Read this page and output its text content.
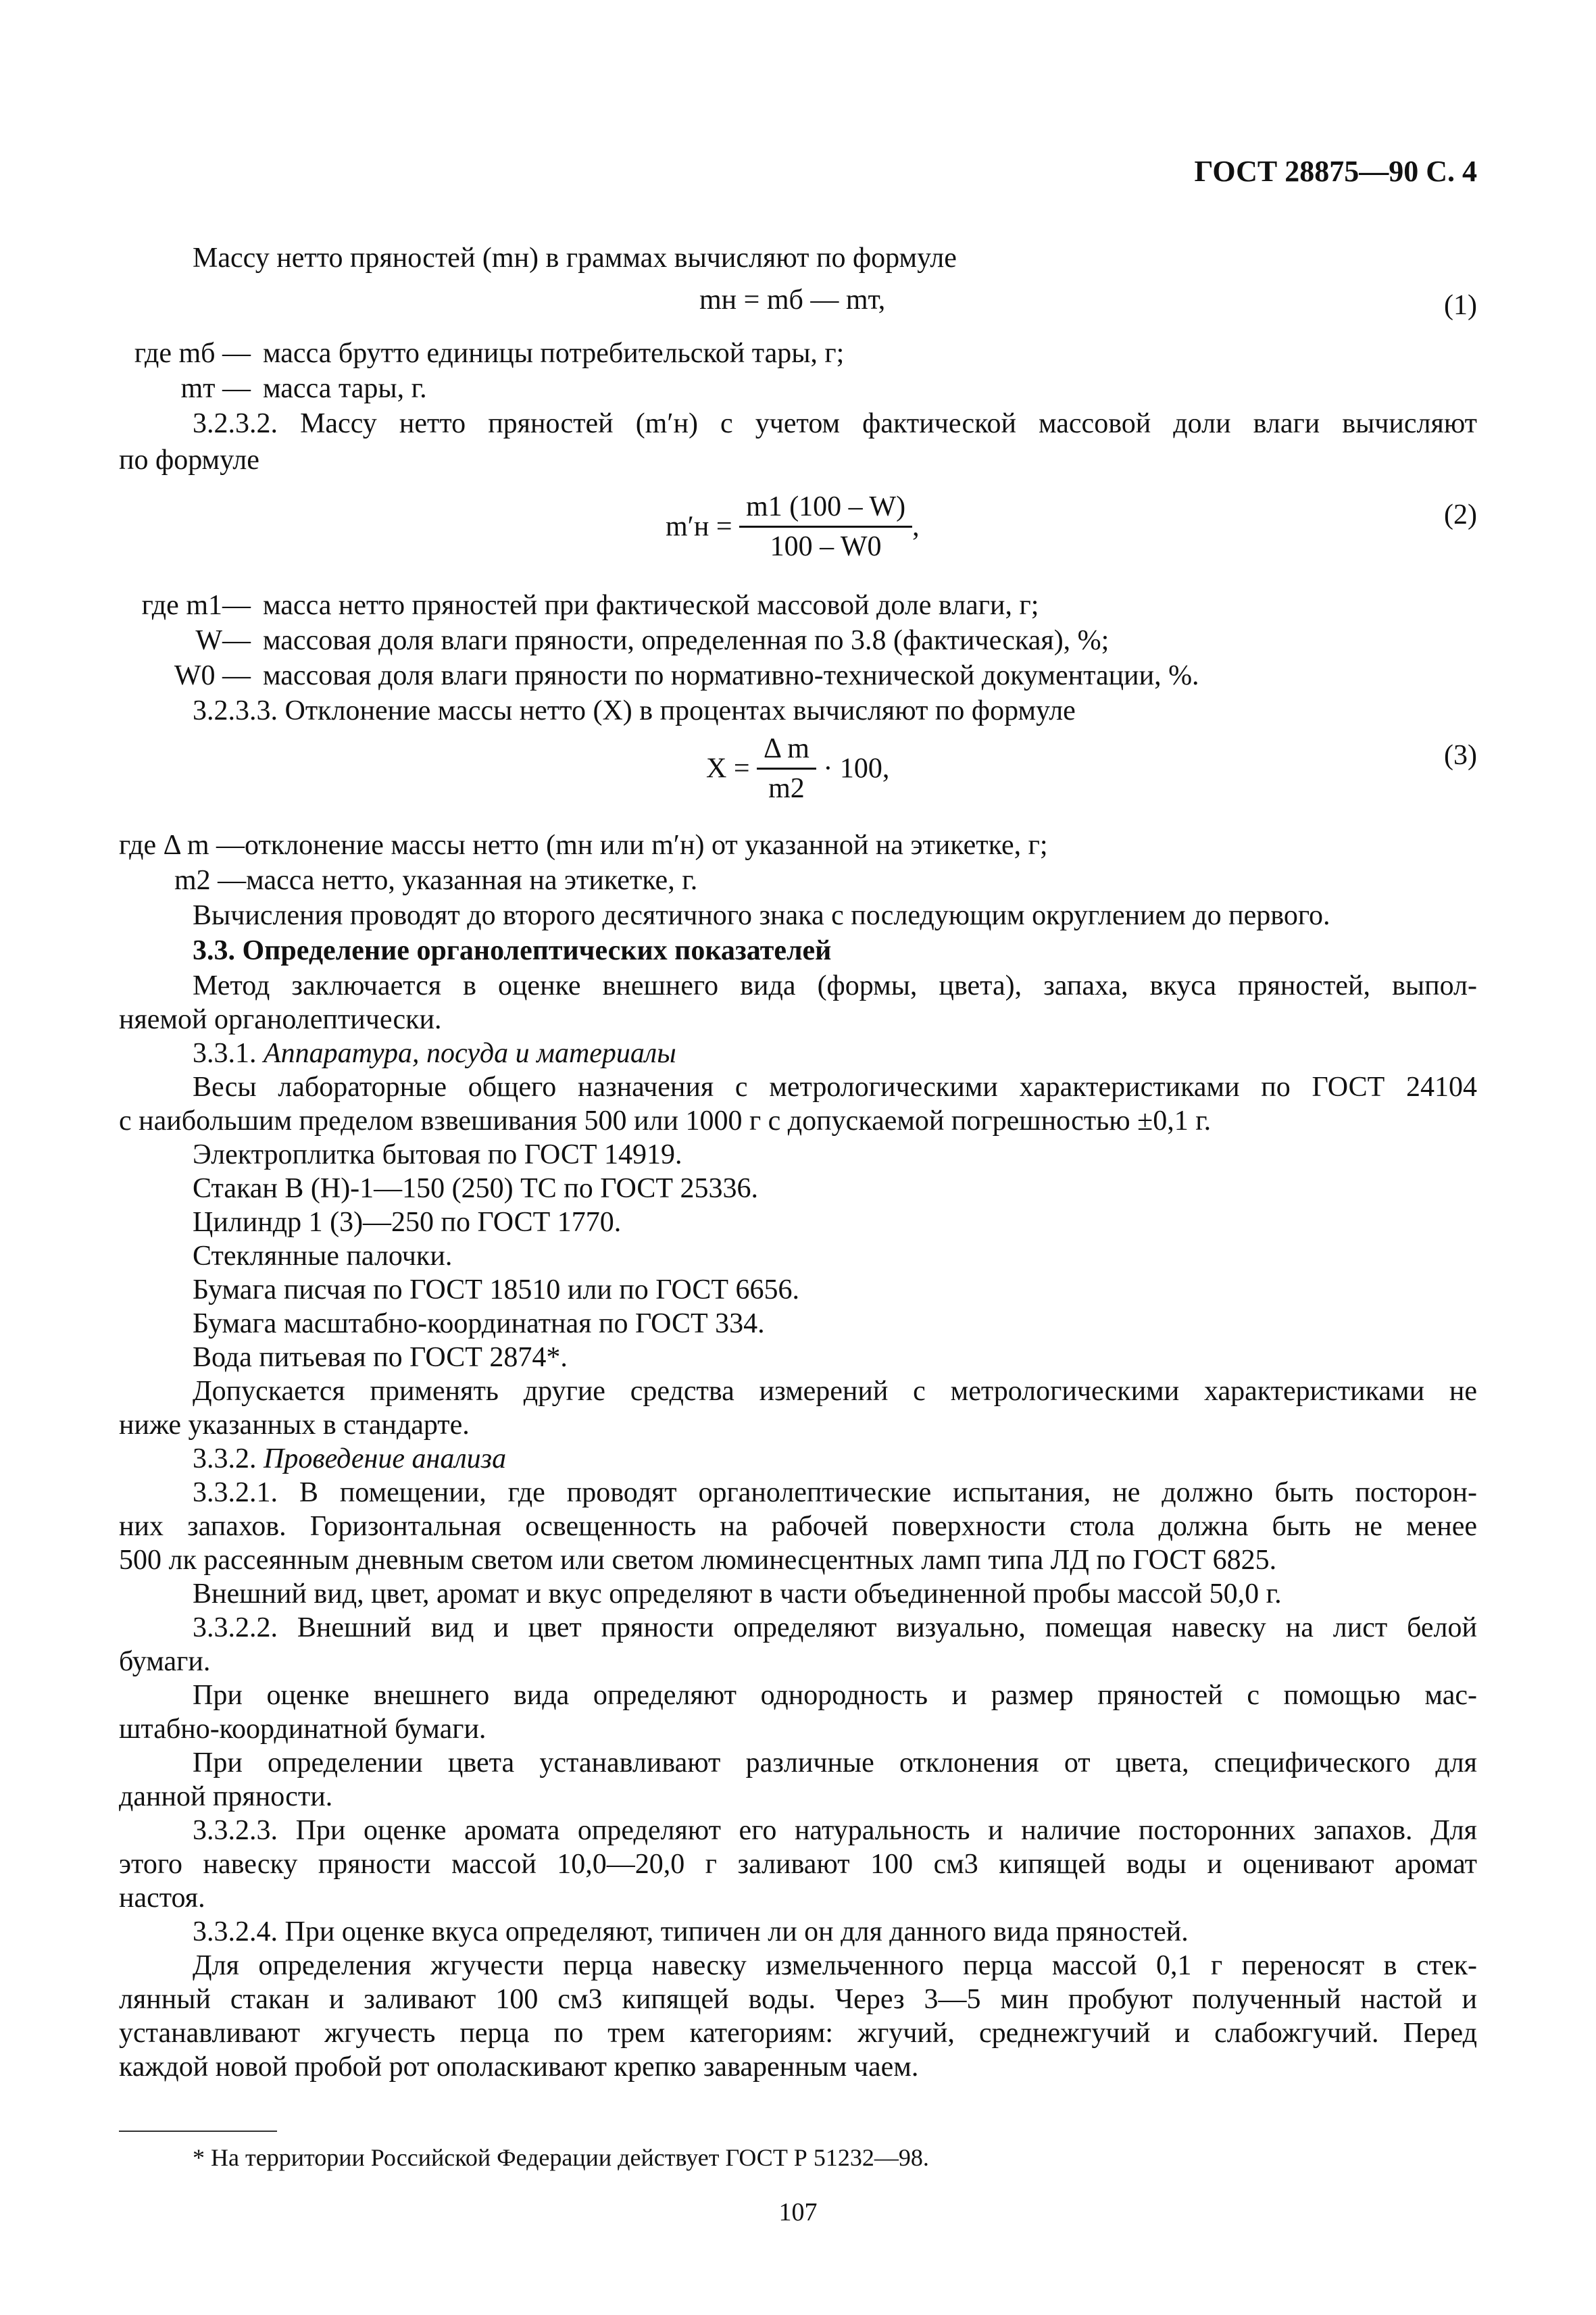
ГОСТ 28875—90 С. 4
Массу нетто пряностей (mн) в граммах вычисляют по формуле
mн = mб — mт,	(1)
где mб — масса брутто единицы потребительской тары, г;
mт — масса тары, г.
3.2.3.2. Массу нетто пряностей (m′н) с учетом фактической массовой доли влаги вычисляют
по формуле
$m'н = \frac{m1 (100 - W)}{100 - W0}$ ,	(2)
где m1— масса нетто пряностей при фактической массовой доле влаги, г;
W— массовая доля влаги пряности, определенная по 3.8 (фактическая), %;
W0 — массовая доля влаги пряности по нормативно-технической документации, %.
3.2.3.3. Отклонение массы нетто (X) в процентах вычисляют по формуле
$X = \frac{\text{Δ m}}{m2} \cdot 100$,	(3)
где Δ m —отклонение массы нетто (mн или m′н) от указанной на этикетке, г;
m2 —масса нетто, указанная на этикетке, г.
Вычисления проводят до второго десятичного знака с последующим округлением до первого.
3.3. Определение органолептических показателей
Метод заключается в оценке внешнего вида (формы, цвета), запаха, вкуса пряностей, выпол-
няемой органолептически.
3.3.1. Аппаратура, посуда и материалы
Весы лабораторные общего назначения с метрологическими характеристиками по ГОСТ 24104
с наибольшим пределом взвешивания 500 или 1000 г с допускаемой погрешностью ±0,1 г.
Электроплитка бытовая по ГОСТ 14919.
Стакан В (Н)-1—150 (250) ТС по ГОСТ 25336.
Цилиндр 1 (3)—250 по ГОСТ 1770.
Стеклянные палочки.
Бумага писчая по ГОСТ 18510 или по ГОСТ 6656.
Бумага масштабно-координатная по ГОСТ 334.
Вода питьевая по ГОСТ 2874*.
Допускается применять другие средства измерений с метрологическими характеристиками не
ниже указанных в стандарте.
3.3.2. Проведение анализа
3.3.2.1. В помещении, где проводят органолептические испытания, не должно быть посторон-
них запахов. Горизонтальная освещенность на рабочей поверхности стола должна быть не менее
500 лк рассеянным дневным светом или светом люминесцентных ламп типа ЛД по ГОСТ 6825.
Внешний вид, цвет, аромат и вкус определяют в части объединенной пробы массой 50,0 г.
3.3.2.2. Внешний вид и цвет пряности определяют визуально, помещая навеску на лист белой
бумаги.
При оценке внешнего вида определяют однородность и размер пряностей с помощью мас-
штабно-координатной бумаги.
При определении цвета устанавливают различные отклонения от цвета, специфического для
данной пряности.
3.3.2.3. При оценке аромата определяют его натуральность и наличие посторонних запахов. Для
этого навеску пряности массой 10,0—20,0 г заливают 100 см3 кипящей воды и оценивают аромат
настоя.
3.3.2.4. При оценке вкуса определяют, типичен ли он для данного вида пряностей.
Для определения жгучести перца навеску измельченного перца массой 0,1 г переносят в стек-
лянный стакан и заливают 100 см3 кипящей воды. Через 3—5 мин пробуют полученный настой и
устанавливают жгучесть перца по трем категориям: жгучий, среднежгучий и слабожгучий. Перед
каждой новой пробой рот ополаскивают крепко заваренным чаем.
* На территории Российской Федерации действует ГОСТ Р 51232—98.
107
